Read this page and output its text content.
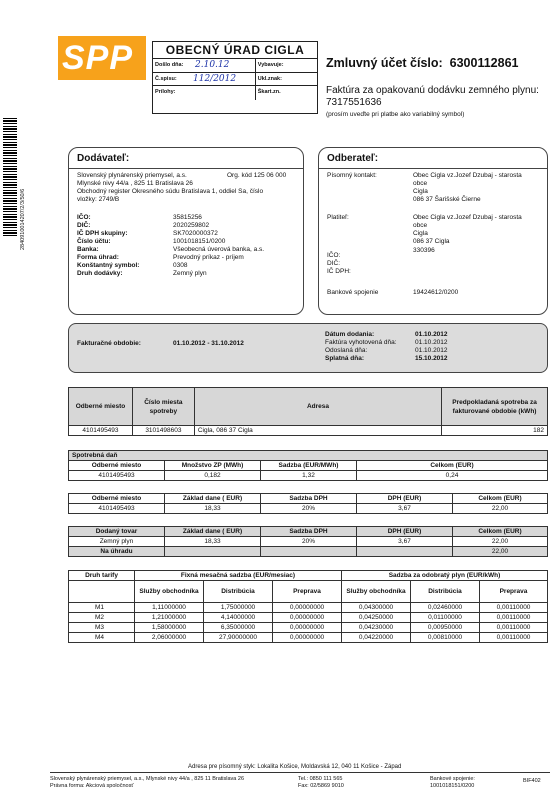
SPP	OBECNÝ ÚRAD CIGLA
Došlo dňa: 2.10.12	Vybavuje:
Č.spisu: 112/2012	Ukl.znak:
Prílohy:	Škart.zn.
Zmluvný účet číslo: 6300112861
Faktúra za opakovanú dodávku zemného plynu:
7317551636
(prosím uveďte pri platbe ako variabilný symbol)
2840910014207/2/3/50/6
Dodávateľ:
Slovenský plynárenský priemysel, a.s.	Org. kód 125 06 000
Mlynské nivy 44/a , 825 11 Bratislava 26
Obchodný register Okresného súdu Bratislava 1, oddiel Sa, číslo
vložky: 2749/B
IČO:	35815256
DIČ:	2020259802
IČ DPH skupiny:	SK7020000372
Číslo účtu:	1001018151/0200
Banka:	Všeobecná úverová banka, a.s.
Forma úhrad:	Prevodný príkaz - príjem
Konštantný symbol:	0308
Druh dodávky:	Zemný plyn
Odberateľ:
Písomný kontakt:	Obec Cigla vz.Jozef Dzubaj - starosta
obce
Cigla
086 37 Šarišské Čierne
Platiteľ:	Obec Cigla vz.Jozef Dzubaj - starosta
obce
Cigla
086 37 Cigla
IČO:
330396
DIČ:
IČ DPH:
Bankové spojenie	19424612/0200
Fakturačné obdobie:	01.10.2012 - 31.10.2012
Dátum dodania:	01.10.2012
Faktúra vyhotovená dňa:	01.10.2012
Odoslaná dňa:	01.10.2012
Splatná dňa:	15.10.2012
Odberné miesto	Číslo miesta spotreby	Adresa	Predpokladaná spotreba za fakturované obdobie (kWh)
4101495493	3101498603	Cigla, 086 37 Cigla	182
Spotrebná daň			
Odberné miesto	Množstvo ZP (MWh)	Sadzba (EUR/MWh)	Celkom (EUR)
4101495493	0,182	1,32	0,24
Odberné miesto	Základ dane ( EUR)	Sadzba DPH	DPH (EUR)	Celkom (EUR)
4101495493	18,33	20%	3,67	22,00
Dodaný tovar	Základ dane ( EUR)	Sadzba DPH	DPH (EUR)	Celkom (EUR)
Zemný plyn	18,33	20%	3,67	22,00
Na úhradu				22,00
Druh tarify	Fixná mesačná sadzba (EUR/mesiac)			Sadzba za odobratý plyn (EUR/kWh)		
	Služby obchodníka	Distribúcia	Preprava	Služby obchodníka	Distribúcia	Preprava
M1	1,11000000	1,75000000	0,00000000	0,04300000	0,02460000	0,00110000
M2	1,21000000	4,14000000	0,00000000	0,04250000	0,01100000	0,00110000
M3	1,58000000	6,35000000	0,00000000	0,04230000	0,00950000	0,00110000
M4	2,06000000	27,90000000	0,00000000	0,04220000	0,00810000	0,00110000
Adresa pre písomný styk: Lokalita Košice, Moldavská 12, 040 11 Košice - Západ
Slovenský plynárenský priemysel, a.s., Mlynské nivy 44/a , 825 11 Bratislava 26
Právna forma: Akciová spoločnosť
Tel.: 0850 111 565
Fax: 02/5869 9010
Bankové spojenie:
1001018151/0200
BIF402
